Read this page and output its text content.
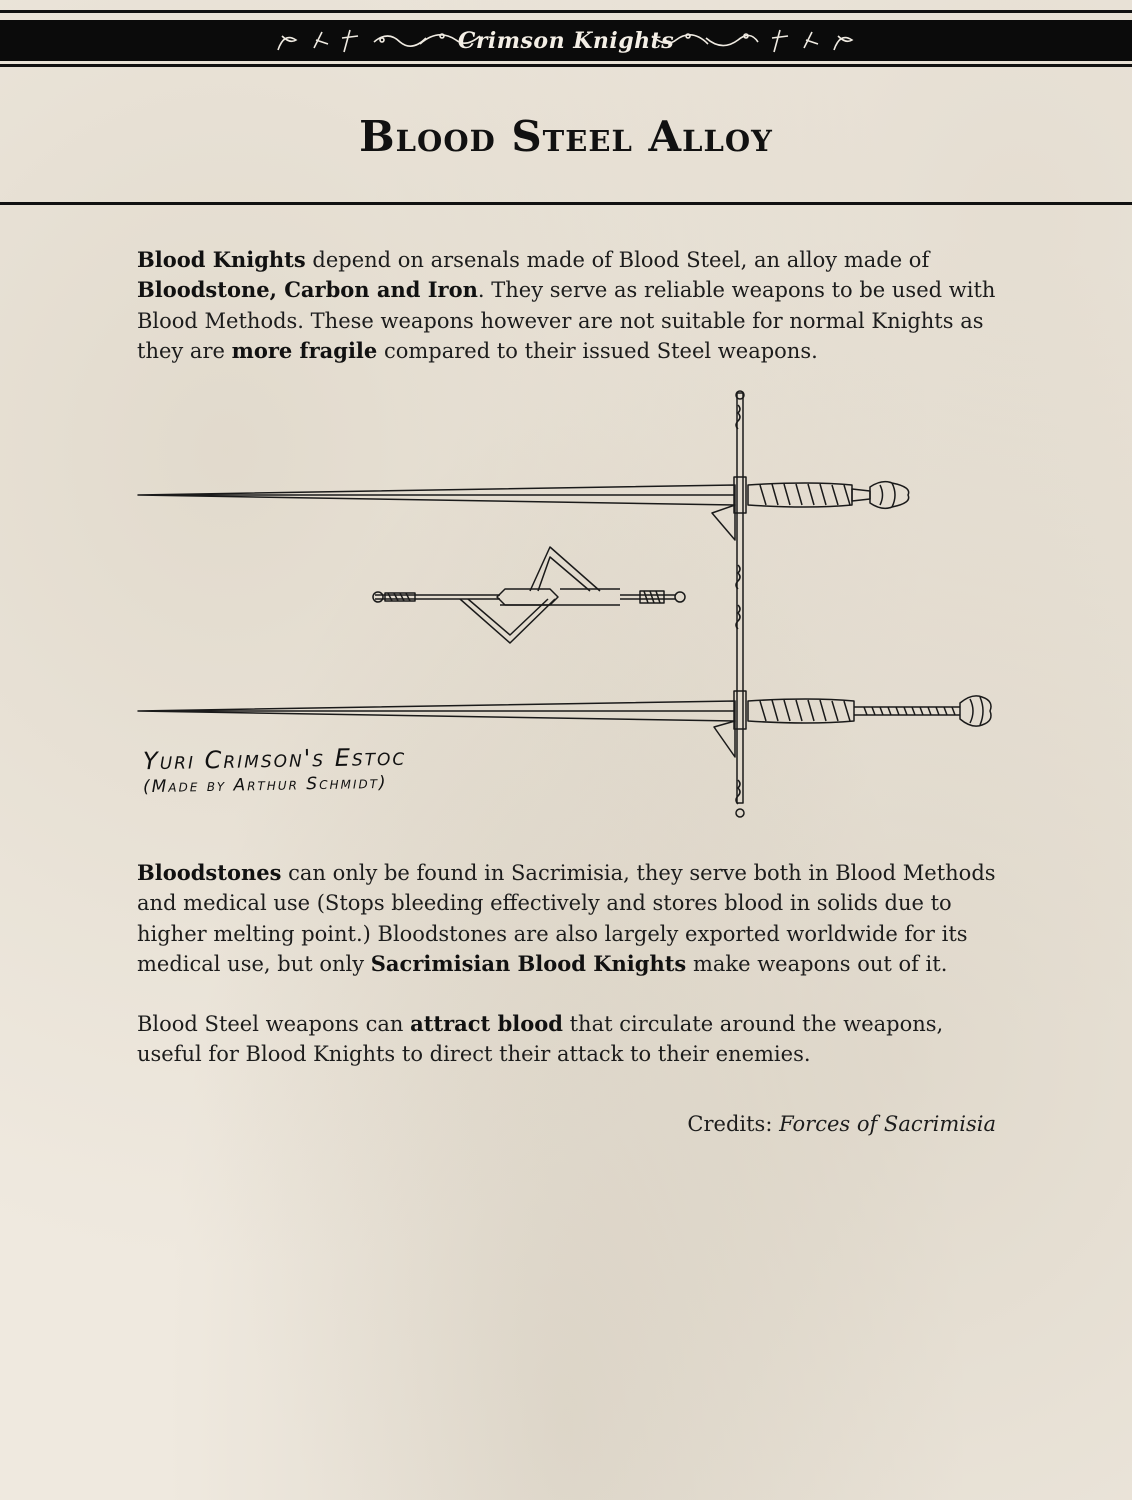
Crimson Knights
Blood Steel Alloy
Blood Knights depend on arsenals made of Blood Steel, an alloy made of Bloodstone, Carbon and Iron. They serve as reliable weapons to be used with Blood Methods. These weapons however are not suitable for normal Knights as they are more fragile compared to their issued Steel weapons.
Yuri Crimson's Estoc
(Made by Arthur Schmidt)
Bloodstones can only be found in Sacrimisia, they serve both in Blood Methods and medical use (Stops bleeding effectively and stores blood in solids due to higher melting point.) Bloodstones are also largely exported worldwide for its medical use, but only Sacrimisian Blood Knights make weapons out of it.
Blood Steel weapons can attract blood that circulate around the weapons, useful for Blood Knights to direct their attack to their enemies.
Credits: Forces of Sacrimisia
